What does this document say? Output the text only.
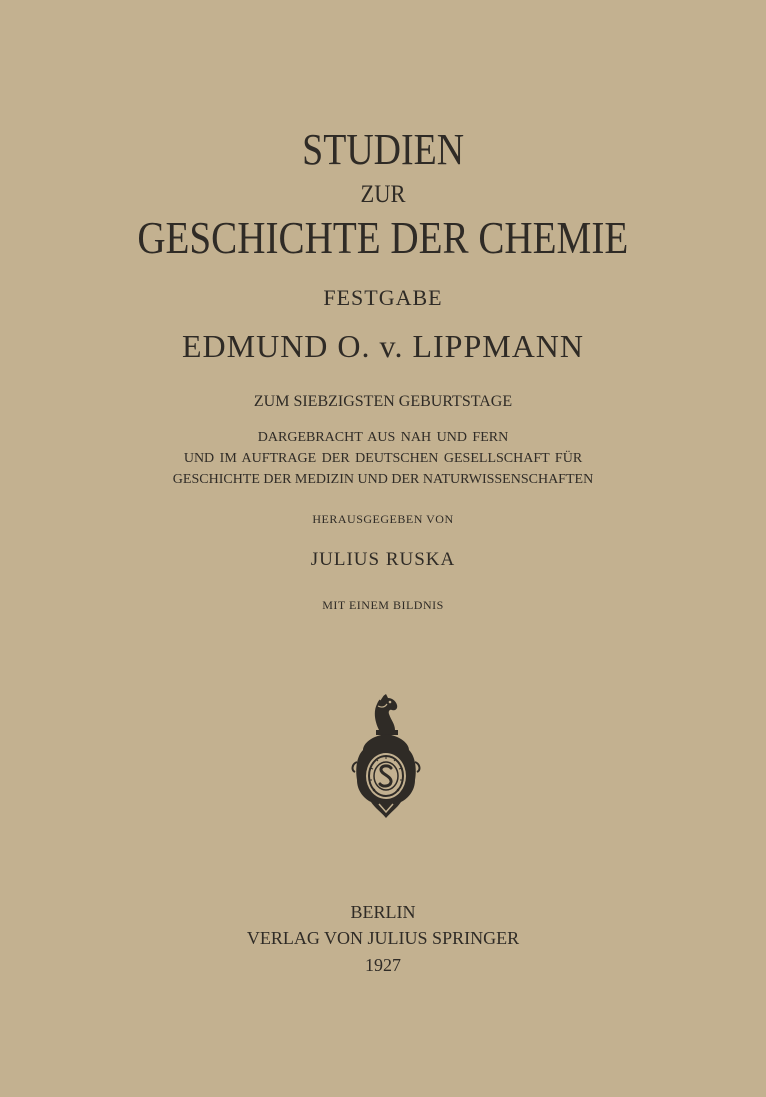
STUDIEN
ZUR
GESCHICHTE DER CHEMIE
FESTGABE
EDMUND O. v. LIPPMANN
ZUM SIEBZIGSTEN GEBURTSTAGE
DARGEBRACHT AUS NAH UND FERN
UND IM AUFTRAGE DER DEUTSCHEN GESELLSCHAFT FÜR
GESCHICHTE DER MEDIZIN UND DER NATURWISSENSCHAFTEN
HERAUSGEGEBEN VON
JULIUS RUSKA
MIT EINEM BILDNIS
BERLIN
VERLAG VON JULIUS SPRINGER
1927
